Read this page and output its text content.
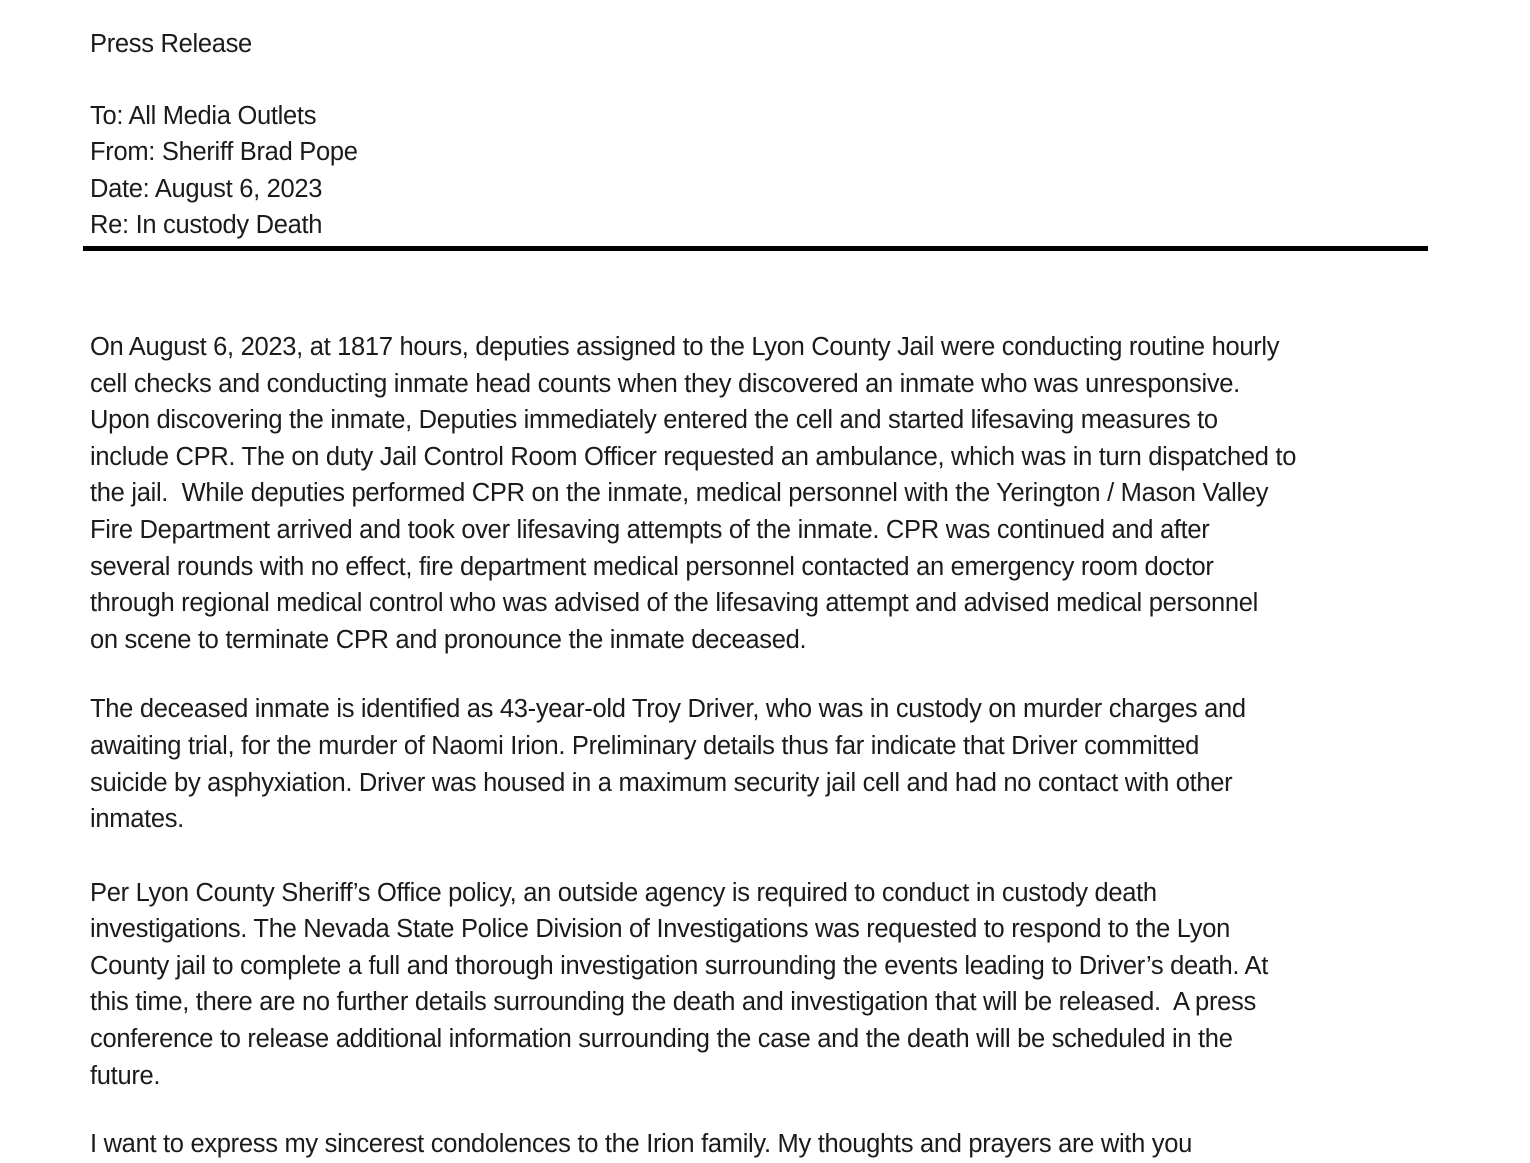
Press Release
To: All Media Outlets
From: Sheriff Brad Pope
Date: August 6, 2023
Re: In custody Death
On August 6, 2023, at 1817 hours, deputies assigned to the Lyon County Jail were conducting routine hourly
cell checks and conducting inmate head counts when they discovered an inmate who was unresponsive.
Upon discovering the inmate, Deputies immediately entered the cell and started lifesaving measures to
include CPR. The on duty Jail Control Room Officer requested an ambulance, which was in turn dispatched to
the jail.  While deputies performed CPR on the inmate, medical personnel with the Yerington / Mason Valley
Fire Department arrived and took over lifesaving attempts of the inmate. CPR was continued and after
several rounds with no effect, fire department medical personnel contacted an emergency room doctor
through regional medical control who was advised of the lifesaving attempt and advised medical personnel
on scene to terminate CPR and pronounce the inmate deceased.
The deceased inmate is identified as 43-year-old Troy Driver, who was in custody on murder charges and
awaiting trial, for the murder of Naomi Irion. Preliminary details thus far indicate that Driver committed
suicide by asphyxiation. Driver was housed in a maximum security jail cell and had no contact with other
inmates.
Per Lyon County Sheriff’s Office policy, an outside agency is required to conduct in custody death
investigations. The Nevada State Police Division of Investigations was requested to respond to the Lyon
County jail to complete a full and thorough investigation surrounding the events leading to Driver’s death. At
this time, there are no further details surrounding the death and investigation that will be released.  A press
conference to release additional information surrounding the case and the death will be scheduled in the
future.
I want to express my sincerest condolences to the Irion family. My thoughts and prayers are with you
